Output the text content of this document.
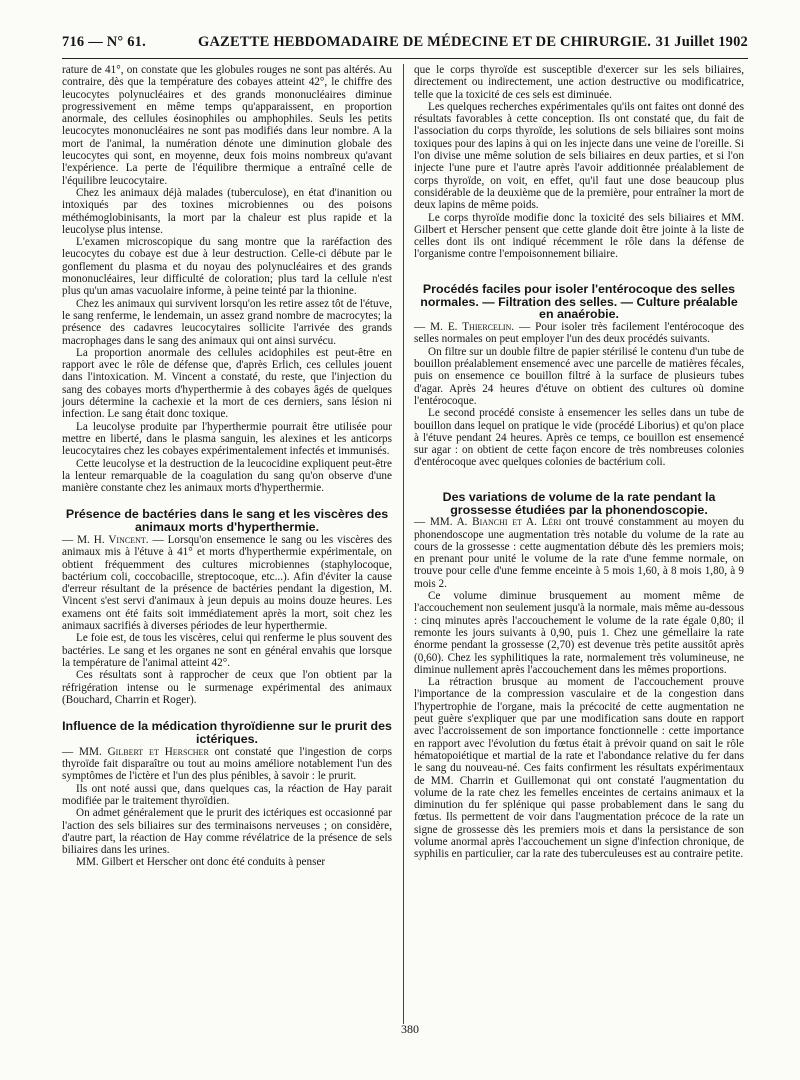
716 — N° 61.	GAZETTE HEBDOMADAIRE DE MÉDECINE ET DE CHIRURGIE. 31 Juillet 1902

rature de 41°, on constate que les globules rouges ne sont pas altérés. Au contraire, dès que la température des cobayes atteint 42°, le chiffre des leucocytes polynucléaires et des grands mononucléaires diminue progressivement en même temps qu'apparaissent, en proportion anormale, des cellules éosinophiles ou amphophiles. Seuls les petits leucocytes mononucléaires ne sont pas modifiés dans leur nombre. A la mort de l'animal, la numération dénote une diminution globale des leucocytes qui sont, en moyenne, deux fois moins nombreux qu'avant l'expérience. La perte de l'équilibre thermique a entraîné celle de l'équilibre leucocytaire.

Chez les animaux déjà malades (tuberculose), en état d'inanition ou intoxiqués par des toxines microbiennes ou des poisons méthémoglobinisants, la mort par la chaleur est plus rapide et la leucolyse plus intense.

L'examen microscopique du sang montre que la raréfaction des leucocytes du cobaye est due à leur destruction. Celle-ci débute par le gonflement du plasma et du noyau des polynucléaires et des grands mononucléaires, leur difficulté de coloration; plus tard la cellule n'est plus qu'un amas vacuolaire informe, à peine teinté par la thionine.

Chez les animaux qui survivent lorsqu'on les retire assez tôt de l'étuve, le sang renferme, le lendemain, un assez grand nombre de macrocytes; la présence des cadavres leucocytaires sollicite l'arrivée des grands macrophages dans le sang des animaux qui ont ainsi survécu.

La proportion anormale des cellules acidophiles est peut-être en rapport avec le rôle de défense que, d'après Erlich, ces cellules jouent dans l'intoxication. M. Vincent a constaté, du reste, que l'injection du sang des cobayes morts d'hyperthermie à des cobayes âgés de quelques jours détermine la cachexie et la mort de ces derniers, sans lésion ni infection. Le sang était donc toxique.

La leucolyse produite par l'hyperthermie pourrait être utilisée pour mettre en liberté, dans le plasma sanguin, les alexines et les anticorps leucocytaires chez les cobayes expérimentalement infectés et immunisés.

Cette leucolyse et la destruction de la leucocidine expliquent peut-être la lenteur remarquable de la coagulation du sang qu'on observe d'une manière constante chez les animaux morts d'hyperthermie.

Présence de bactéries dans le sang et les viscères des animaux morts d'hyperthermie.

— M. H. Vincent. — Lorsqu'on ensemence le sang ou les viscères des animaux mis à l'étuve à 41° et morts d'hyperthermie expérimentale, on obtient fréquemment des cultures microbiennes (staphylocoque, bactérium coli, coccobacille, streptocoque, etc...). Afin d'éviter la cause d'erreur résultant de la présence de bactéries pendant la digestion, M. Vincent s'est servi d'animaux à jeun depuis au moins douze heures. Les examens ont été faits soit immédiatement après la mort, soit chez les animaux sacrifiés à diverses périodes de leur hyperthermie.

Le foie est, de tous les viscères, celui qui renferme le plus souvent des bactéries. Le sang et les organes ne sont en général envahis que lorsque la température de l'animal atteint 42°.

Ces résultats sont à rapprocher de ceux que l'on obtient par la réfrigération intense ou le surmenage expérimental des animaux (Bouchard, Charrin et Roger).

Influence de la médication thyroïdienne sur le prurit des ictériques.

— MM. Gilbert et Herscher ont constaté que l'ingestion de corps thyroïde fait disparaître ou tout au moins améliore notablement l'un des symptômes de l'ictère et l'un des plus pénibles, à savoir : le prurit.

Ils ont noté aussi que, dans quelques cas, la réaction de Hay parait modifiée par le traitement thyroïdien.

On admet généralement que le prurit des ictériques est occasionné par l'action des sels biliaires sur des terminaisons nerveuses ; on considère, d'autre part, la réaction de Hay comme révélatrice de la présence de sels biliaires dans les urines.

MM. Gilbert et Herscher ont donc été conduits à penser

que le corps thyroïde est susceptible d'exercer sur les sels biliaires, directement ou indirectement, une action destructive ou modificatrice, telle que la toxicité de ces sels est diminuée.

Les quelques recherches expérimentales qu'ils ont faites ont donné des résultats favorables à cette conception. Ils ont constaté que, du fait de l'association du corps thyroïde, les solutions de sels biliaires sont moins toxiques pour des lapins à qui on les injecte dans une veine de l'oreille. Si l'on divise une même solution de sels biliaires en deux parties, et si l'on injecte l'une pure et l'autre après l'avoir additionnée préalablement de corps thyroïde, on voit, en effet, qu'il faut une dose beaucoup plus considérable de la deuxième que de la première, pour entraîner la mort de deux lapins de même poids.

Le corps thyroïde modifie donc la toxicité des sels biliaires et MM. Gilbert et Herscher pensent que cette glande doit être jointe à la liste de celles dont ils ont indiqué récemment le rôle dans la défense de l'organisme contre l'empoisonnement biliaire.

Procédés faciles pour isoler l'entérocoque des selles normales. — Filtration des selles. — Culture préalable en anaérobie.

— M. E. Thiercelin. — Pour isoler très facilement l'entérocoque des selles normales on peut employer l'un des deux procédés suivants.

On filtre sur un double filtre de papier stérilisé le contenu d'un tube de bouillon préalablement ensemencé avec une parcelle de matières fécales, puis on ensemence ce bouillon filtré à la surface de plusieurs tubes d'agar. Après 24 heures d'étuve on obtient des cultures où domine l'entérocoque.

Le second procédé consiste à ensemencer les selles dans un tube de bouillon dans lequel on pratique le vide (procédé Liborius) et qu'on place à l'étuve pendant 24 heures. Après ce temps, ce bouillon est ensemencé sur agar : on obtient de cette façon encore de très nombreuses colonies d'entérocoque avec quelques colonies de bactérium coli.

Des variations de volume de la rate pendant la grossesse étudiées par la phonendoscopie.

— MM. A. Bianchi et A. Léri ont trouvé constamment au moyen du phonendoscope une augmentation très notable du volume de la rate au cours de la grossesse : cette augmentation débute dès les premiers mois; en prenant pour unité le volume de la rate d'une femme normale, on trouve pour celle d'une femme enceinte à 5 mois 1,60, à 8 mois 1,80, à 9 mois 2.

Ce volume diminue brusquement au moment même de l'accouchement non seulement jusqu'à la normale, mais même au-dessous : cinq minutes après l'accouchement le volume de la rate égale 0,80; il remonte les jours suivants à 0,90, puis 1. Chez une gémellaire la rate énorme pendant la grossesse (2,70) est devenue très petite aussitôt après (0,60). Chez les syphilitiques la rate, normalement très volumineuse, ne diminue nullement après l'accouchement dans les mêmes proportions.

La rétraction brusque au moment de l'accouchement prouve l'importance de la compression vasculaire et de la congestion dans l'hypertrophie de l'organe, mais la précocité de cette augmentation ne peut guère s'expliquer que par une modification sans doute en rapport avec l'accroissement de son importance fonctionnelle : cette importance en rapport avec l'évolution du fœtus était à prévoir quand on sait le rôle hématopoiétique et martial de la rate et l'abondance relative du fer dans le sang du nouveau-né. Ces faits confirment les résultats expérimentaux de MM. Charrin et Guillemonat qui ont constaté l'augmentation du volume de la rate chez les femelles enceintes de certains animaux et la diminution du fer splénique qui passe probablement dans le sang du fœtus. Ils permettent de voir dans l'augmentation précoce de la rate un signe de grossesse dès les premiers mois et dans la persistance de son volume anormal après l'accouchement un signe d'infection chronique, de syphilis en particulier, car la rate des tuberculeuses est au contraire petite.

380
